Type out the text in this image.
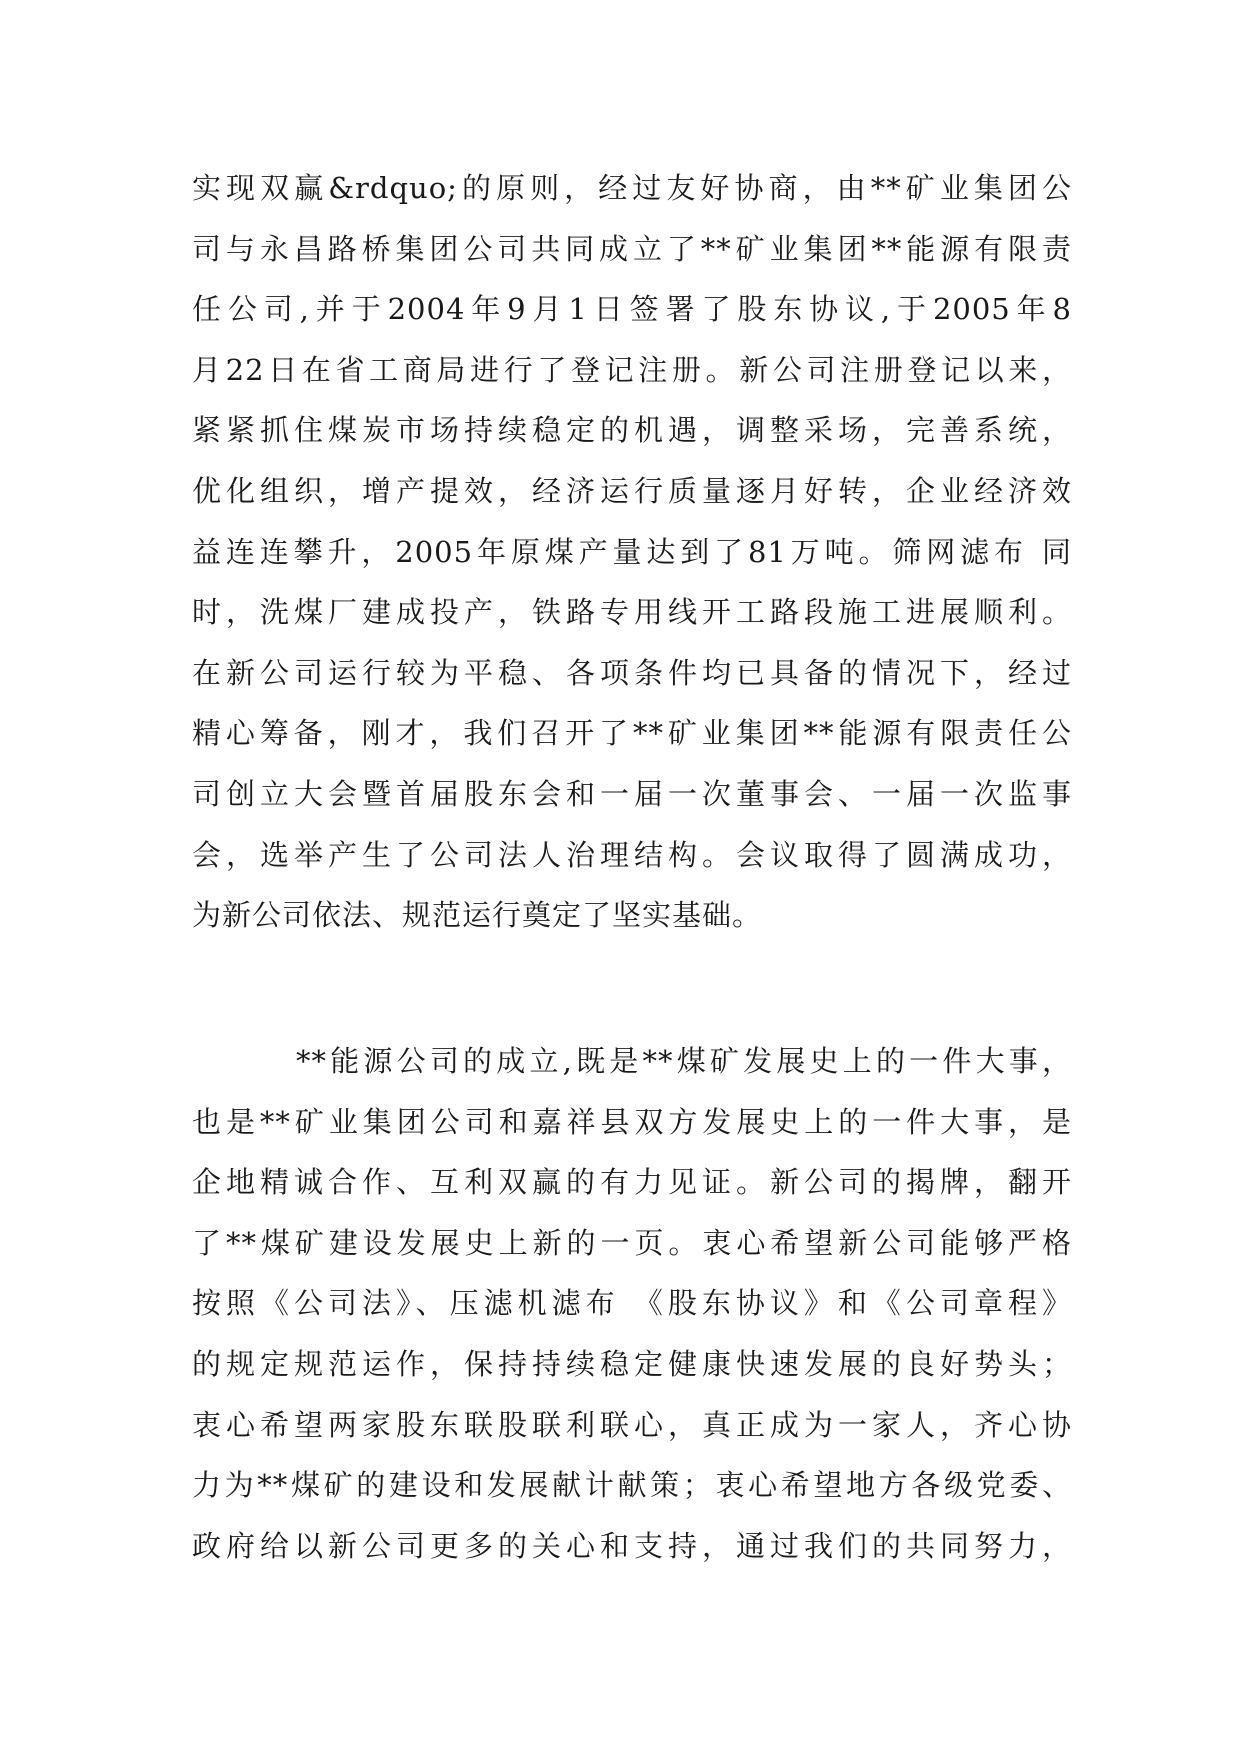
实现双赢&rdquo;的原则，经过友好协商，由**矿业集团公
司与永昌路桥集团公司共同成立了**矿业集团**能源有限责
任公司,并于2004年9月1日签署了股东协议,于2005年8
月22日在省工商局进行了登记注册。新公司注册登记以来，
紧紧抓住煤炭市场持续稳定的机遇，调整采场，完善系统，
优化组织，增产提效，经济运行质量逐月好转，企业经济效
益连连攀升，2005年原煤产量达到了81万吨。筛网滤布 同
时，洗煤厂建成投产，铁路专用线开工路段施工进展顺利。
在新公司运行较为平稳、各项条件均已具备的情况下，经过
精心筹备，刚才，我们召开了**矿业集团**能源有限责任公
司创立大会暨首届股东会和一届一次董事会、一届一次监事
会，选举产生了公司法人治理结构。会议取得了圆满成功，
为新公司依法、规范运行奠定了坚实基础。
**能源公司的成立,既是**煤矿发展史上的一件大事，
也是**矿业集团公司和嘉祥县双方发展史上的一件大事，是
企地精诚合作、互利双赢的有力见证。新公司的揭牌，翻开
了**煤矿建设发展史上新的一页。衷心希望新公司能够严格
按照《公司法》、压滤机滤布 《股东协议》和《公司章程》
的规定规范运作，保持持续稳定健康快速发展的良好势头；
衷心希望两家股东联股联利联心，真正成为一家人，齐心协
力为**煤矿的建设和发展献计献策；衷心希望地方各级党委、
政府给以新公司更多的关心和支持，通过我们的共同努力，
